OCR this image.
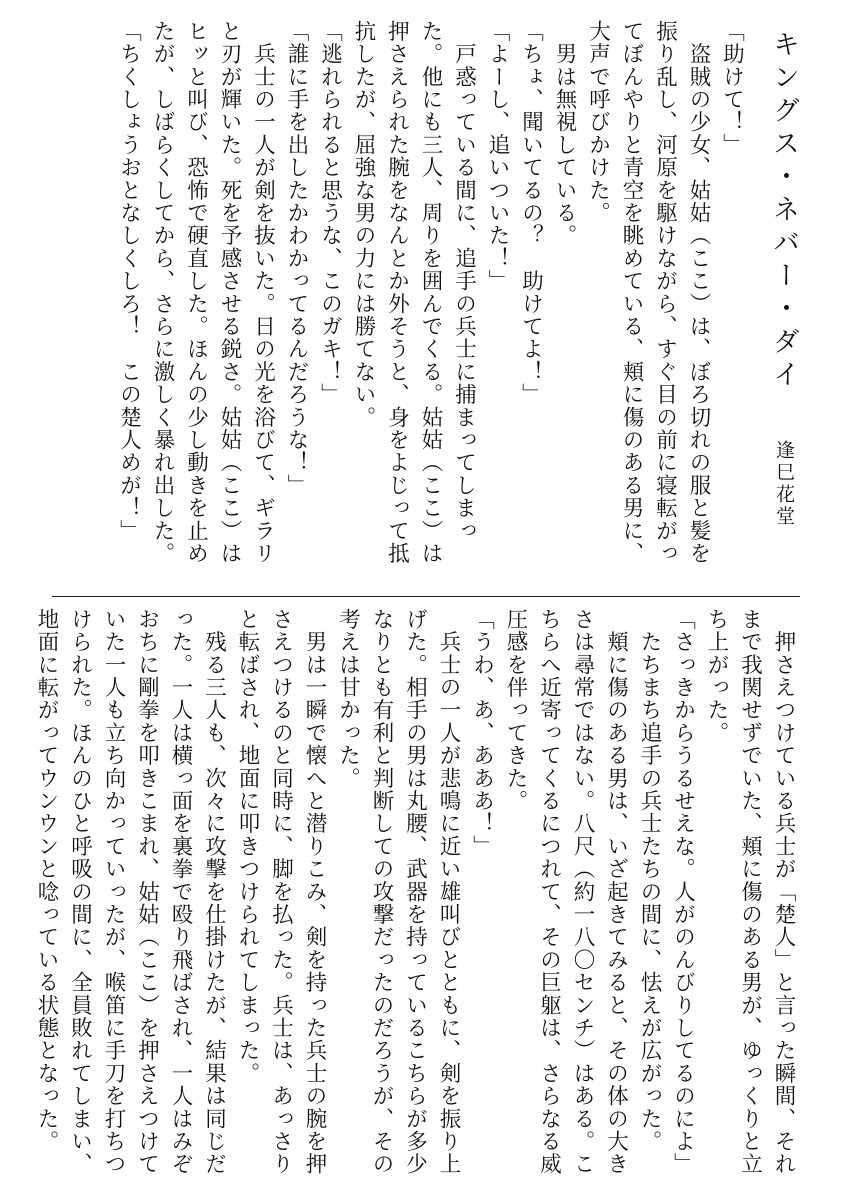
キングス・ネバー・ダイ

「助けて！」

　盗賊の少女、姑姑（ここ）は、ぼろ切れの服と髪を振り乱し、河原を駆けながら、すぐ目の前に寝転がってぼんやりと青空を眺めている、頬に傷のある男に、大声で呼びかけた。

　男は無視している。

「ちょ、聞いてるの？　助けてよ！」

「よーし、追いついた！」

　戸惑っている間に、追手の兵士に捕まってしまった。他にも三人、周りを囲んでくる。姑姑（ここ）は押さえられた腕をなんとか外そうと、身をよじって抵抗したが、屈強な男の力には勝てない。

「逃れられると思うな、このガキ！」

「誰に手を出したかわかってるんだろうな！」

　兵士の一人が剣を抜いた。日の光を浴びて、ギラリと刃が輝いた。死を予感させる鋭さ。姑姑（ここ）はヒッと叫び、恐怖で硬直した。ほんの少し動きを止めたが、しばらくしてから、さらに激しく暴れ出した。

「ちくしょうおとなしくしろ！　この楚人めが！」

　押さえつけている兵士が「楚人」と言った瞬間、それまで我関せずでいた、頬に傷のある男が、ゆっくりと立ち上がった。

「さっきからうるせえな。人がのんびりしてるのによ」

　たちまち追手の兵士たちの間に、怯えが広がった。

　頬に傷のある男は、いざ起きてみると、その体の大きさは尋常ではない。八尺（約一八〇センチ）はある。こちらへ近寄ってくるにつれて、その巨躯は、さらなる威圧感を伴ってきた。

「うわ、あ、あああ！」

　兵士の一人が悲鳴に近い雄叫びとともに、剣を振り上げた。相手の男は丸腰、武器を持っているこちらが多少なりとも有利と判断しての攻撃だったのだろうが、その考えは甘かった。

　男は一瞬で懐へと潜りこみ、剣を持った兵士の腕を押さえつけるのと同時に、脚を払った。兵士は、あっさりと転ばされ、地面に叩きつけられてしまった。

　残る三人も、次々に攻撃を仕掛けたが、結果は同じだった。一人は横っ面を裏拳で殴り飛ばされ、一人はみぞおちに剛拳を叩きこまれ、姑姑（ここ）を押さえつけていた一人も立ち向かっていったが、喉笛に手刀を打ちつけられた。ほんのひと呼吸の間に、全員敗れてしまい、地面に転がってウンウンと唸っている状態となった。

逢巳花堂
